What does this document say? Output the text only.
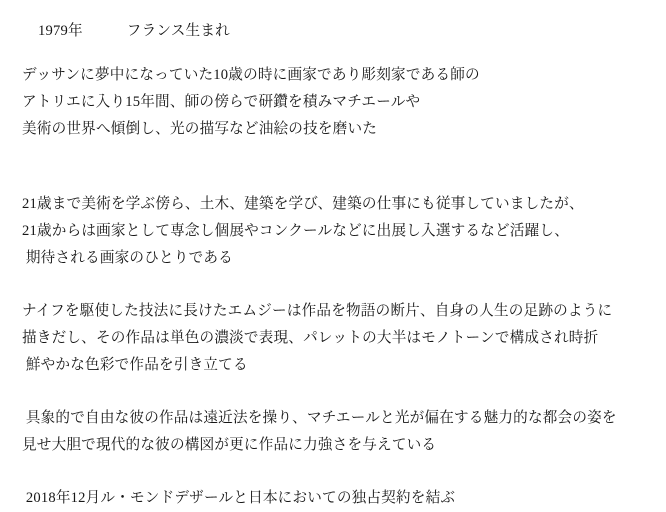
1979年	フランス生まれ
デッサンに夢中になっていた10歳の時に画家であり彫刻家である師の
アトリエに入り15年間、師の傍らで研鑽を積みマチエールや
美術の世界へ傾倒し、光の描写など油絵の技を磨いた
21歳まで美術を学ぶ傍ら、土木、建築を学び、建築の仕事にも従事していましたが、
21歳からは画家として専念し個展やコンクールなどに出展し入選するなど活躍し、
期待される画家のひとりである
ナイフを駆使した技法に長けたエムジーは作品を物語の断片、自身の人生の足跡のように
描きだし、その作品は単色の濃淡で表現、パレットの大半はモノトーンで構成され時折
鮮やかな色彩で作品を引き立てる
具象的で自由な彼の作品は遠近法を操り、マチエールと光が偏在する魅力的な都会の姿を
見せ大胆で現代的な彼の構図が更に作品に力強さを与えている
2018年12月ル・モンドデザールと日本においての独占契約を結ぶ
